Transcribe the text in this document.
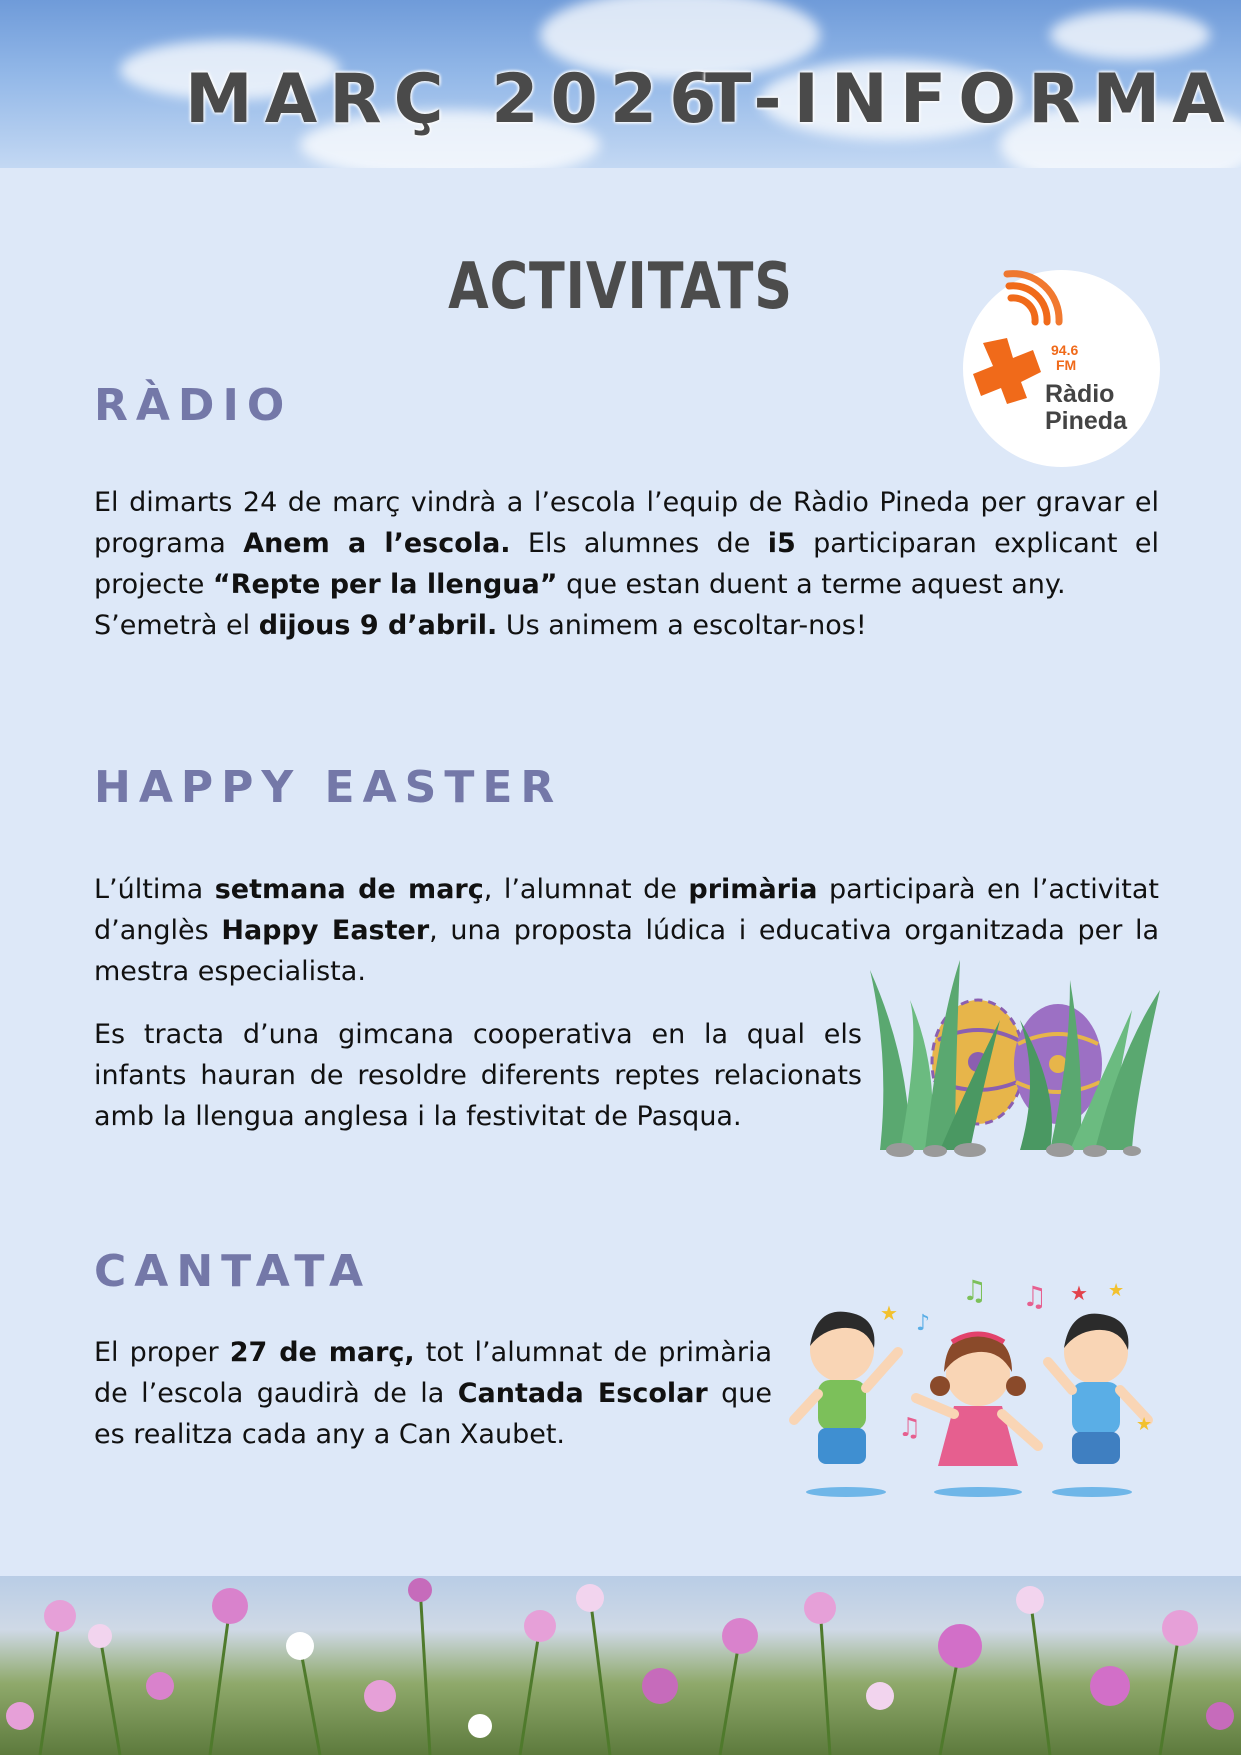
MARÇ 2026
T-INFORMA
ACTIVITATS
94.6
FM
Ràdio
Pineda
RÀDIO
El dimarts 24 de març vindrà a l’escola l’equip de Ràdio Pineda per gravar el programa Anem a l’escola. Els alumnes de i5 participaran explicant el projecte “Repte per la llengua” que estan duent a terme aquest any.
S’emetrà el dijous 9 d’abril. Us animem a escoltar-nos!
HAPPY EASTER
L’última setmana de març, l’alumnat de primària participarà en l’activitat d’anglès Happy Easter, una proposta lúdica i educativa organitzada per la mestra especialista.
Es tracta d’una gimcana cooperativa en la qual els infants hauran de resoldre diferents reptes relacionats amb la llengua anglesa i la festivitat de Pasqua.
CANTATA
El proper 27 de març, tot l’alumnat de primària de l’escola gaudirà de la Cantada Escolar que es realitza cada any a Can Xaubet.
♫ ♫
♪
♫
★
★ ★
★
